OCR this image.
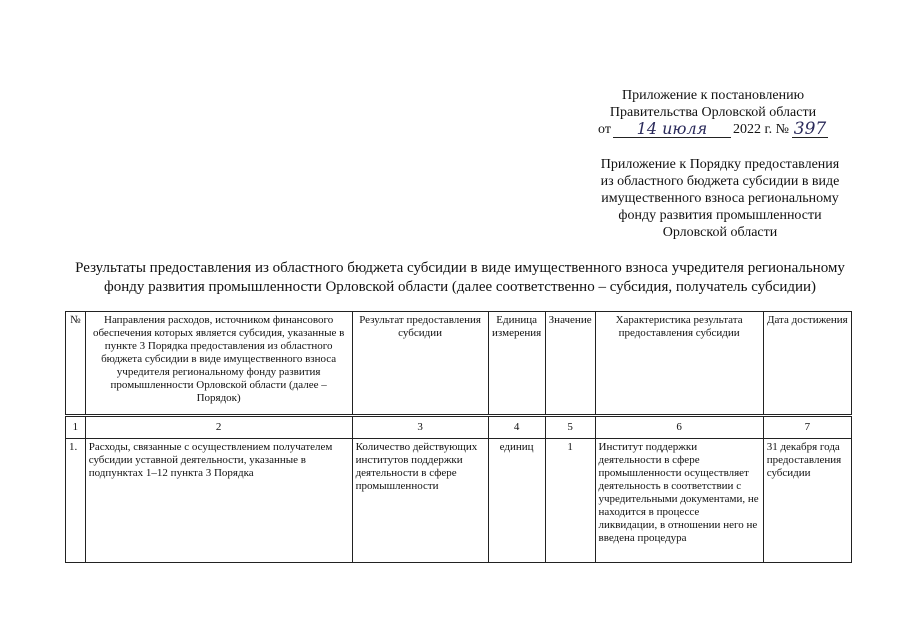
Приложение к постановлению
Правительства Орловской области
от	14 июля	2022 г. № 397
Приложение к Порядку предоставления
из областного бюджета субсидии в виде
имущественного взноса региональному
фонду развития промышленности
Орловской области
Результаты предоставления из областного бюджета субсидии в виде имущественного взноса учредителя региональному
фонду развития промышленности Орловской области (далее соответственно – субсидия, получатель субсидии)
№	Направления расходов, источником финансового обеспечения которых является субсидия, указанные в пункте 3 Порядка предоставления из областного бюджета субсидии в виде имущественного взноса учредителя региональному фонду развития промышленности Орловской области (далее – Порядок)	Результат предоставления субсидии	Единица измерения	Значение	Характеристика результата предоставления субсидии	Дата достижения
1	2	3	4	5	6	7
1.	Расходы, связанные с осуществлением получателем субсидии уставной деятельности, указанные в подпунктах 1–12 пункта 3 Порядка	Количество действующих институтов поддержки деятельности в сфере промышленности	единиц	1	Институт поддержки деятельности в сфере промышленности осуществляет деятельность в соответствии с учредительными документами, не находится в процессе ликвидации, в отношении него не введена процедура	31 декабря года предоставления субсидии
